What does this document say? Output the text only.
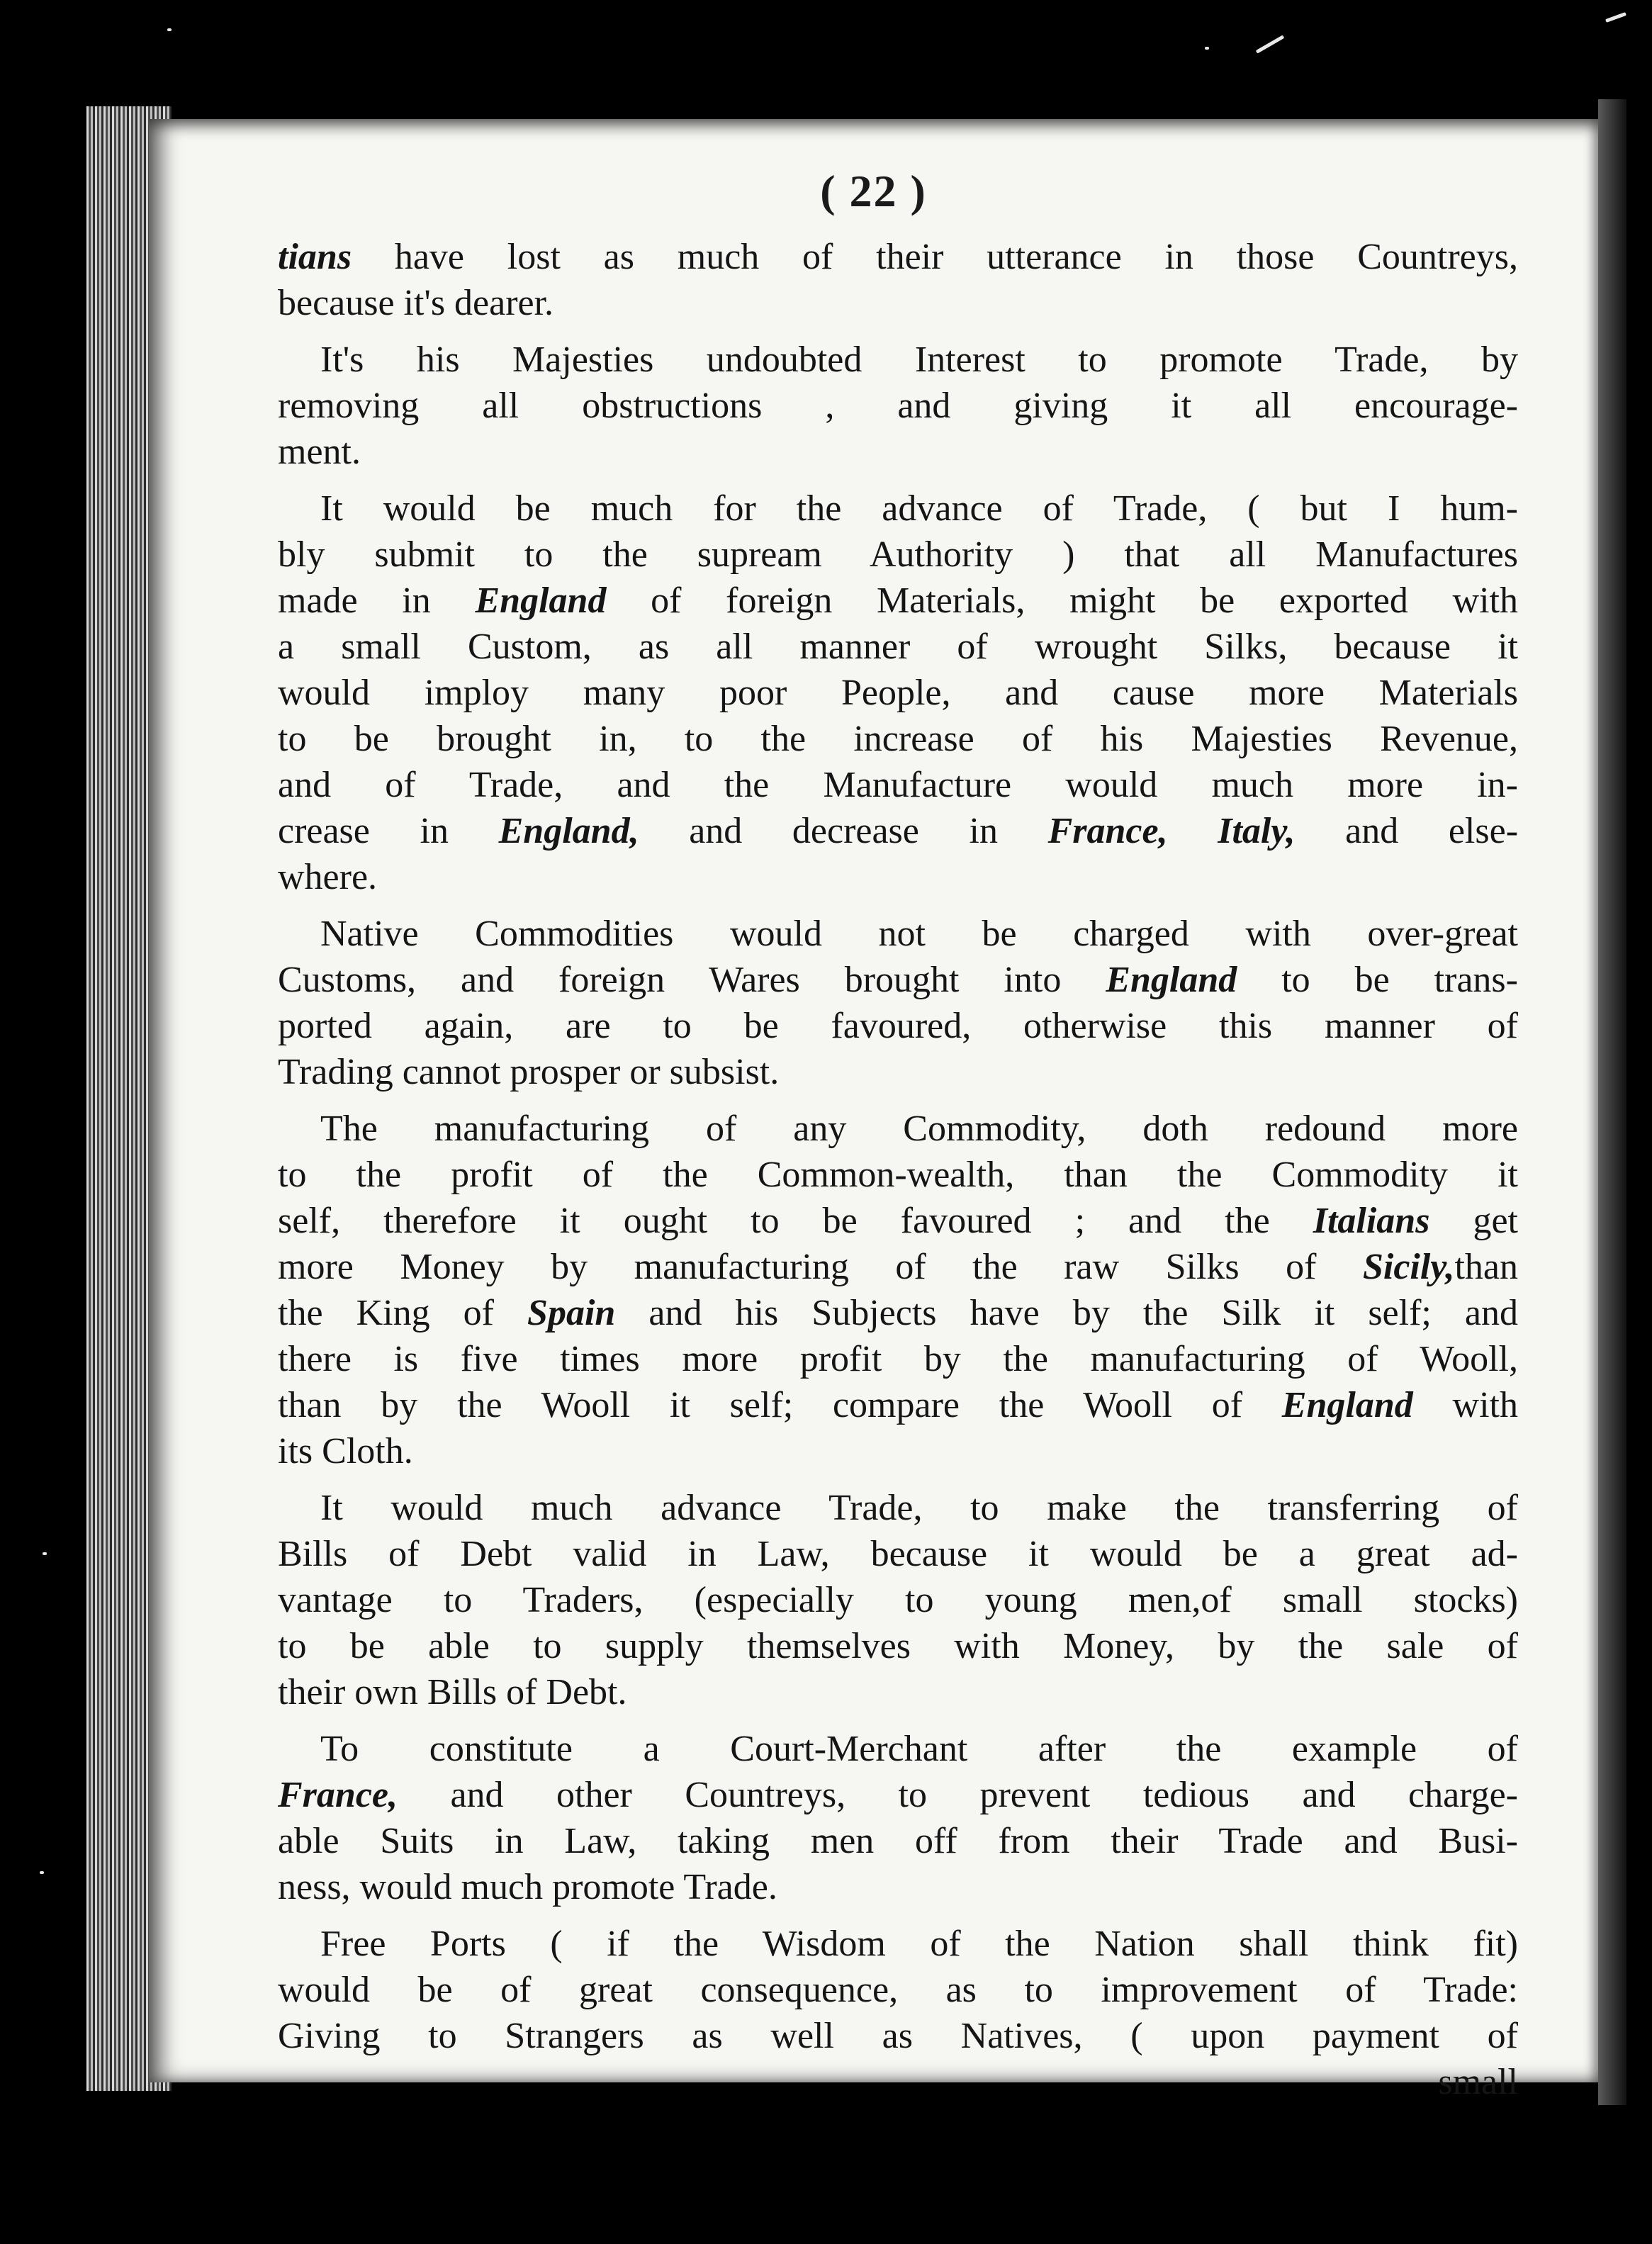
( 22 )
tians have lost as much of their utterance in those Countreys,
because it's dearer.
It's his Majesties undoubted Interest to promote Trade, by
removing all obstructions , and giving it all encourage-
ment.
It would be much for the advance of Trade, ( but I hum-
bly submit to the supream Authority ) that all Manufactures
made in England of foreign Materials, might be exported with
a small Custom, as all manner of wrought Silks, because it
would imploy many poor People, and cause more Materials
to be brought in, to the increase of his Majesties Revenue,
and of Trade, and the Manufacture would much more in-
crease in England, and decrease in France, Italy, and else-
where.
Native Commodities would not be charged with over-great
Customs, and foreign Wares brought into England to be trans-
ported again, are to be favoured, otherwise this manner of
Trading cannot prosper or subsist.
The manufacturing of any Commodity, doth redound more
to the profit of the Common-wealth, than the Commodity it
self, therefore it ought to be favoured ; and the Italians get
more Money by manufacturing of the raw Silks of Sicily,than
the King of Spain and his Subjects have by the Silk it self; and
there is five times more profit by the manufacturing of Wooll,
than by the Wooll it self; compare the Wooll of England with
its Cloth.
It would much advance Trade, to make the transferring of
Bills of Debt valid in Law, because it would be a great ad-
vantage to Traders, (especially to young men,of small stocks)
to be able to supply themselves with Money, by the sale of
their own Bills of Debt.
To constitute a Court-Merchant after the example of
France, and other Countreys, to prevent tedious and charge-
able Suits in Law, taking men off from their Trade and Busi-
ness, would much promote Trade.
Free Ports ( if the Wisdom of the Nation shall think fit)
would be of great consequence, as to improvement of Trade:
Giving to Strangers as well as Natives, ( upon payment of
small
